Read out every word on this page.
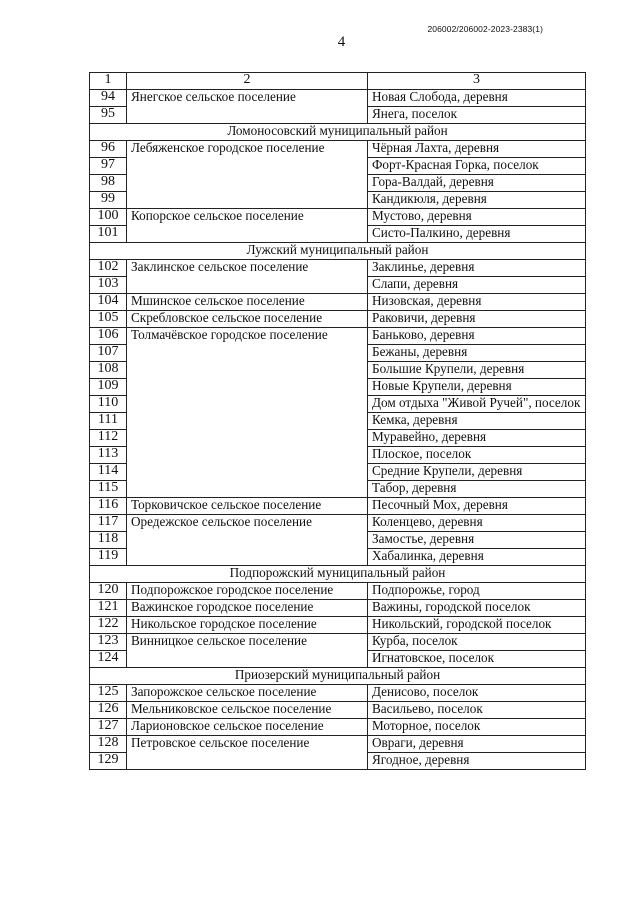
206002/206002-2023-2383(1)
4
1	2	3
94	Янегское сельское поселение	Новая Слобода, деревня
95		Янега, поселок
Ломоносовский муниципальный район		
96	Лебяженское городское поселение	Чёрная Лахта, деревня
97		Форт-Красная Горка, поселок
98		Гора-Валдай, деревня
99		Кандикюля, деревня
100	Копорское сельское поселение	Мустово, деревня
101		Систо-Палкино, деревня
Лужский муниципальный район		
102	Заклинское сельское поселение	Заклинье, деревня
103		Слапи, деревня
104	Мшинское сельское поселение	Низовская, деревня
105	Скребловское сельское поселение	Раковичи, деревня
106	Толмачёвское городское поселение	Баньково, деревня
107		Бежаны, деревня
108		Большие Крупели, деревня
109		Новые Крупели, деревня
110		Дом отдыха "Живой Ручей", поселок
111		Кемка, деревня
112		Муравейно, деревня
113		Плоское, поселок
114		Средние Крупели, деревня
115		Табор, деревня
116	Торковичское сельское поселение	Песочный Мох, деревня
117	Оредежское сельское поселение	Коленцево, деревня
118		Замостье, деревня
119		Хабалинка, деревня
Подпорожский муниципальный район		
120	Подпорожское городское поселение	Подпорожье, город
121	Важинское городское поселение	Важины, городской поселок
122	Никольское городское поселение	Никольский, городской поселок
123	Винницкое сельское поселение	Курба, поселок
124		Игнатовское, поселок
Приозерский муниципальный район		
125	Запорожское сельское поселение	Денисово, поселок
126	Мельниковское сельское поселение	Васильево, поселок
127	Ларионовское сельское поселение	Моторное, поселок
128	Петровское сельское поселение	Овраги, деревня
129		Ягодное, деревня
